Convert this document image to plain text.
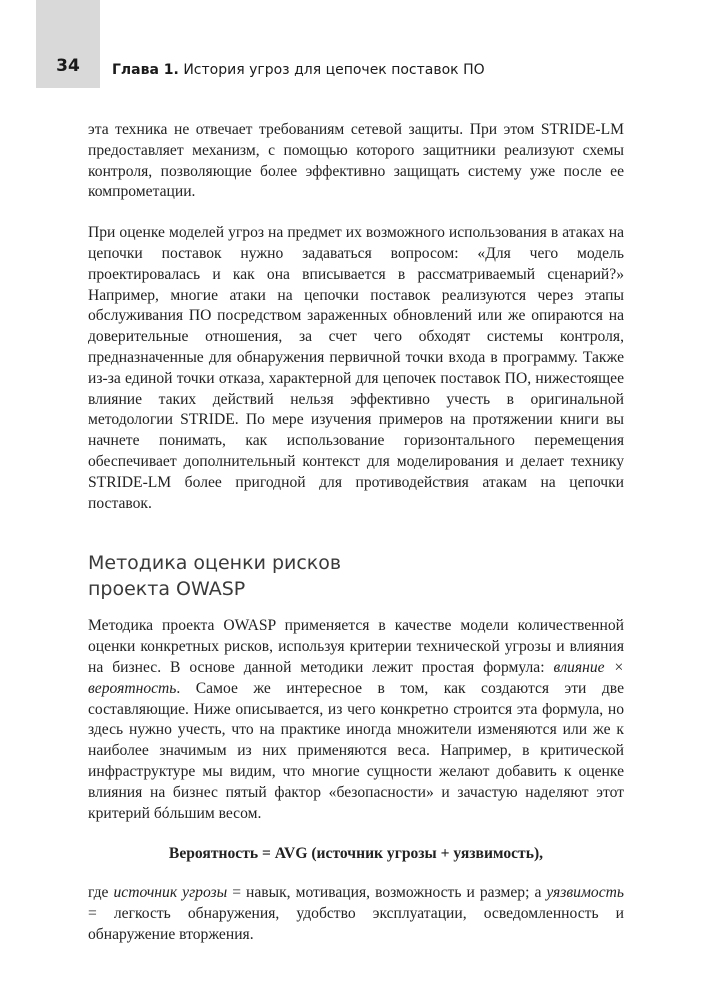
34	Глава 1. История угроз для цепочек поставок ПО

эта техника не отвечает требованиям сетевой защиты. При этом STRIDE-LM предоставляет механизм, с помощью которого защитники реализуют схемы контроля, позволяющие более эффективно защищать систему уже после ее компрометации.

При оценке моделей угроз на предмет их возможного использования в атаках на цепочки поставок нужно задаваться вопросом: «Для чего модель проектировалась и как она вписывается в рассматриваемый сценарий?» Например, многие атаки на цепочки поставок реализуются через этапы обслуживания ПО посредством зараженных обновлений или же опираются на доверительные отношения, за счет чего обходят системы контроля, предназначенные для обнаружения первичной точки входа в программу. Также из-за единой точки отказа, характерной для цепочек поставок ПО, нижестоящее влияние таких действий нельзя эффективно учесть в оригинальной методологии STRIDE. По мере изучения примеров на протяжении книги вы начнете понимать, как использование горизонтального перемещения обеспечивает дополнительный контекст для моделирования и делает технику STRIDE-LM более пригодной для противодействия атакам на цепочки поставок.

Методика оценки рисков
проекта OWASP

Методика проекта OWASP применяется в качестве модели количественной оценки конкретных рисков, используя критерии технической угрозы и влияния на бизнес. В основе данной методики лежит простая формула: влияние × вероятность. Самое же интересное в том, как создаются эти две составляющие. Ниже описывается, из чего конкретно строится эта формула, но здесь нужно учесть, что на практике иногда множители изменяются или же к наиболее значимым из них применяются веса. Например, в критической инфраструктуре мы видим, что многие сущности желают добавить к оценке влияния на бизнес пятый фактор «безопасности» и зачастую наделяют этот критерий бóльшим весом.

Вероятность = AVG (источник угрозы + уязвимость),

где источник угрозы = навык, мотивация, возможность и размер; а уязвимость = легкость обнаружения, удобство эксплуатации, осведомленность и обнаружение вторжения.
